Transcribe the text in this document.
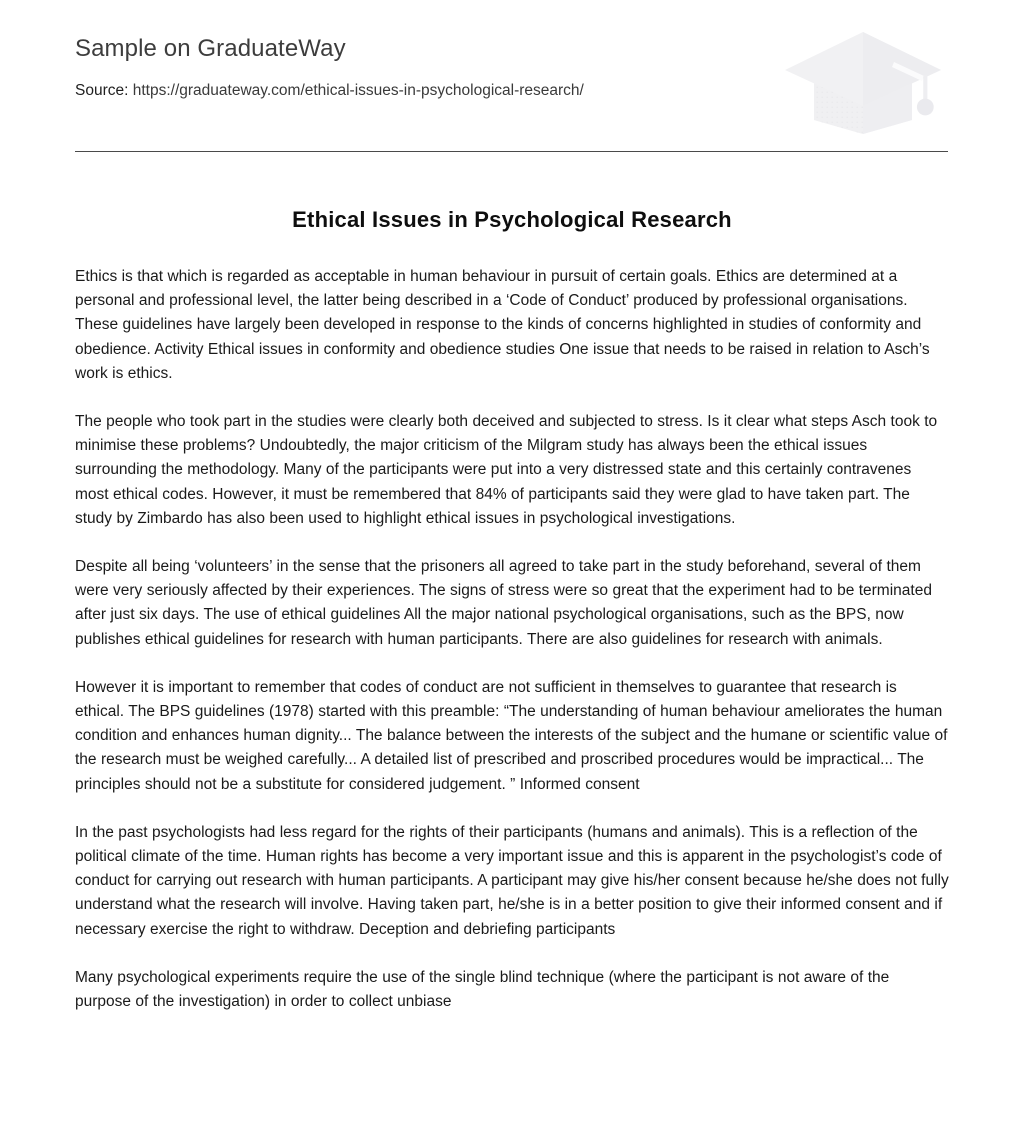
Sample on GraduateWay
Source: https://graduateway.com/ethical-issues-in-psychological-research/
Ethical Issues in Psychological Research

Ethics is that which is regarded as acceptable in human behaviour in pursuit of certain goals. Ethics are determined at a personal and professional level, the latter being described in a ‘Code of Conduct’ produced by professional organisations. These guidelines have largely been developed in response to the kinds of concerns highlighted in studies of conformity and obedience. Activity Ethical issues in conformity and obedience studies One issue that needs to be raised in relation to Asch’s work is ethics.

The people who took part in the studies were clearly both deceived and subjected to stress. Is it clear what steps Asch took to minimise these problems? Undoubtedly, the major criticism of the Milgram study has always been the ethical issues surrounding the methodology. Many of the participants were put into a very distressed state and this certainly contravenes most ethical codes. However, it must be remembered that 84% of participants said they were glad to have taken part. The study by Zimbardo has also been used to highlight ethical issues in psychological investigations.

Despite all being ‘volunteers’ in the sense that the prisoners all agreed to take part in the study beforehand, several of them were very seriously affected by their experiences. The signs of stress were so great that the experiment had to be terminated after just six days. The use of ethical guidelines All the major national psychological organisations, such as the BPS, now publishes ethical guidelines for research with human participants. There are also guidelines for research with animals.

However it is important to remember that codes of conduct are not sufficient in themselves to guarantee that research is ethical. The BPS guidelines (1978) started with this preamble: “The understanding of human behaviour ameliorates the human condition and enhances human dignity... The balance between the interests of the subject and the humane or scientific value of the research must be weighed carefully... A detailed list of prescribed and proscribed procedures would be impractical... The principles should not be a substitute for considered judgement. ” Informed consent

In the past psychologists had less regard for the rights of their participants (humans and animals). This is a reflection of the political climate of the time. Human rights has become a very important issue and this is apparent in the psychologist’s code of conduct for carrying out research with human participants. A participant may give his/her consent because he/she does not fully understand what the research will involve. Having taken part, he/she is in a better position to give their informed consent and if necessary exercise the right to withdraw. Deception and debriefing participants

Many psychological experiments require the use of the single blind technique (where the participant is not aware of the purpose of the investigation) in order to collect unbiase
